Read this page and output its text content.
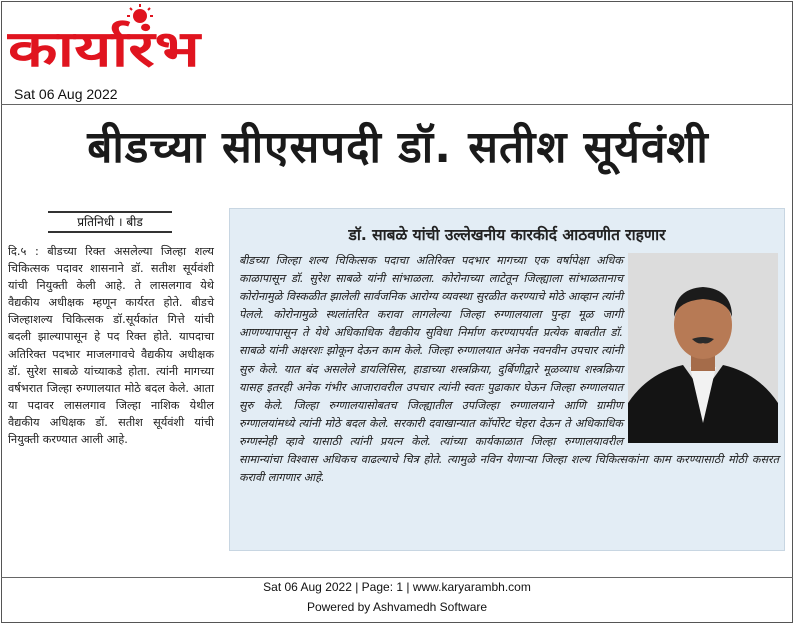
कार्यारंभ
Sat 06 Aug 2022
बीडच्या सीएसपदी डॉ. सतीश सूर्यवंशी
प्रतिनिधी । बीड
दि.५ : बीडच्या रिक्त असलेल्या जिल्हा शल्य चिकित्सक पदावर शासनाने डॉ. सतीश सूर्यवंशी यांची नियुक्ती केली आहे. ते लासलगाव येथे वैद्यकीय अधीक्षक म्हणून कार्यरत होते. बीडचे जिल्हाशल्य चिकित्सक डॉ.सूर्यकांत गित्ते यांची बदली झाल्यापासून हे पद रिक्त होते. यापदाचा अतिरिक्त पदभार माजलगावचे वैद्यकीय अधीक्षक डॉ. सुरेश साबळे यांच्याकडे होता. त्यांनी मागच्या वर्षभरात जिल्हा रुग्णालयात मोठे बदल केले. आता या पदावर लासलगाव जिल्हा नाशिक येथील वैद्यकीय अधिक्षक डॉ. सतीश सूर्यवंशी यांची नियुक्ती करण्यात आली आहे.
डॉ. साबळे यांची उल्लेखनीय कारकीर्द आठवणीत राहणार
बीडच्या जिल्हा शल्य चिकित्सक पदाचा अतिरिक्त पदभार मागच्या एक वर्षापेक्षा अधिक काळापासून डॉ. सुरेश साबळे यांनी सांभाळला. कोरोनाच्या लाटेतून जिल्ह्याला सांभाळतानाच कोरोनामुळे विस्कळीत झालेली सार्वजनिक आरोग्य व्यवस्था सुरळीत करण्याचे मोठे आव्हान त्यांनी पेलले. कोरोनामुळे स्थलांतरित करावा लागलेल्या जिल्हा रुग्णालयाला पुन्हा मूळ जागी आणण्यापासून ते येथे अधिकाधिक वैद्यकीय सुविधा निर्माण करण्यापर्यंत प्रत्येक बाबतीत डॉ. साबळे यांनी अक्षरशः झोकून देऊन काम केले. जिल्हा रुग्णालयात अनेक नवनवीन उपचार त्यांनी सुरु केले. यात बंद असलेले डायलिसिस, हाडाच्या शस्त्रक्रिया, दुर्बिणीद्वारे मूळव्याध शस्त्रक्रिया यासह इतरही अनेक गंभीर आजारावरील उपचार त्यांनी स्वतः पुढाकार घेऊन जिल्हा रुग्णालयात सुरु केले. जिल्हा रुग्णालयासोबतच जिल्ह्यातील उपजिल्हा रुग्णालयाने आणि ग्रामीण रुग्णालयांमध्ये त्यांनी मोठे बदल केले. सरकारी दवाखान्यात कॉर्पोरेट चेहरा देऊन ते अधिकाधिक रुग्णस्नेही व्हावे यासाठी त्यांनी प्रयत्न केले. त्यांच्या कार्यकाळात जिल्हा रुग्णालयावरील सामान्यांचा विश्वास अधिकच वाढल्याचे चित्र होते. त्यामुळे नविन येणाऱ्या जिल्हा शल्य चिकित्सकांना काम करण्यासाठी मोठी कसरत करावी लागणार आहे.
Sat 06 Aug 2022 | Page: 1 | www.karyarambh.com
Powered by Ashvamedh Software
